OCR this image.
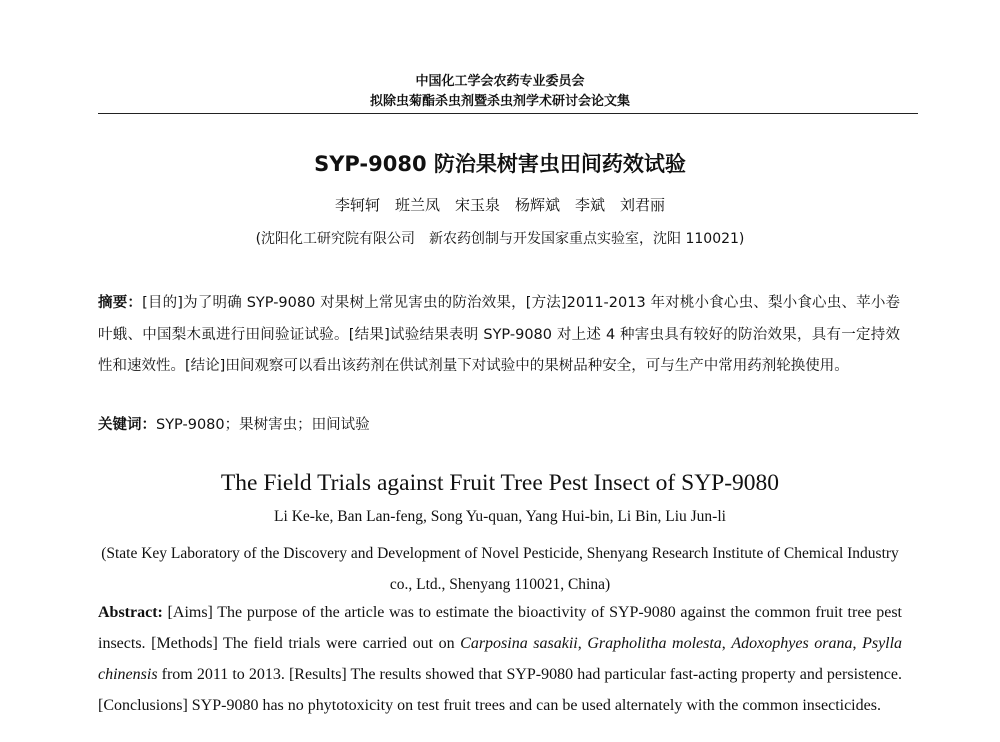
中国化工学会农药专业委员会
拟除虫菊酯杀虫剂暨杀虫剂学术研讨会论文集
SYP-9080 防治果树害虫田间药效试验
李轲轲　班兰凤　宋玉泉　杨辉斌　李斌　刘君丽
(沈阳化工研究院有限公司　新农药创制与开发国家重点实验室，沈阳 110021)
摘要：[目的]为了明确 SYP-9080 对果树上常见害虫的防治效果，[方法]2011-2013 年对桃小食心虫、梨小食心虫、苹小卷叶蛾、中国梨木虱进行田间验证试验。[结果]试验结果表明 SYP-9080 对上述 4 种害虫具有较好的防治效果，具有一定持效性和速效性。[结论]田间观察可以看出该药剂在供试剂量下对试验中的果树品种安全，可与生产中常用药剂轮换使用。
关键词：SYP-9080；果树害虫；田间试验
The Field Trials against Fruit Tree Pest Insect of SYP-9080
Li Ke-ke, Ban Lan-feng, Song Yu-quan, Yang Hui-bin, Li Bin, Liu Jun-li
(State Key Laboratory of the Discovery and Development of Novel Pesticide, Shenyang Research Institute of Chemical Industry co., Ltd., Shenyang 110021, China)
Abstract: [Aims] The purpose of the article was to estimate the bioactivity of SYP-9080 against the common fruit tree pest insects. [Methods] The field trials were carried out on Carposina sasakii, Grapholitha molesta, Adoxophyes orana, Psylla chinensis from 2011 to 2013. [Results] The results showed that SYP-9080 had particular fast-acting property and persistence. [Conclusions] SYP-9080 has no phytotoxicity on test fruit trees and can be used alternately with the common insecticides.
